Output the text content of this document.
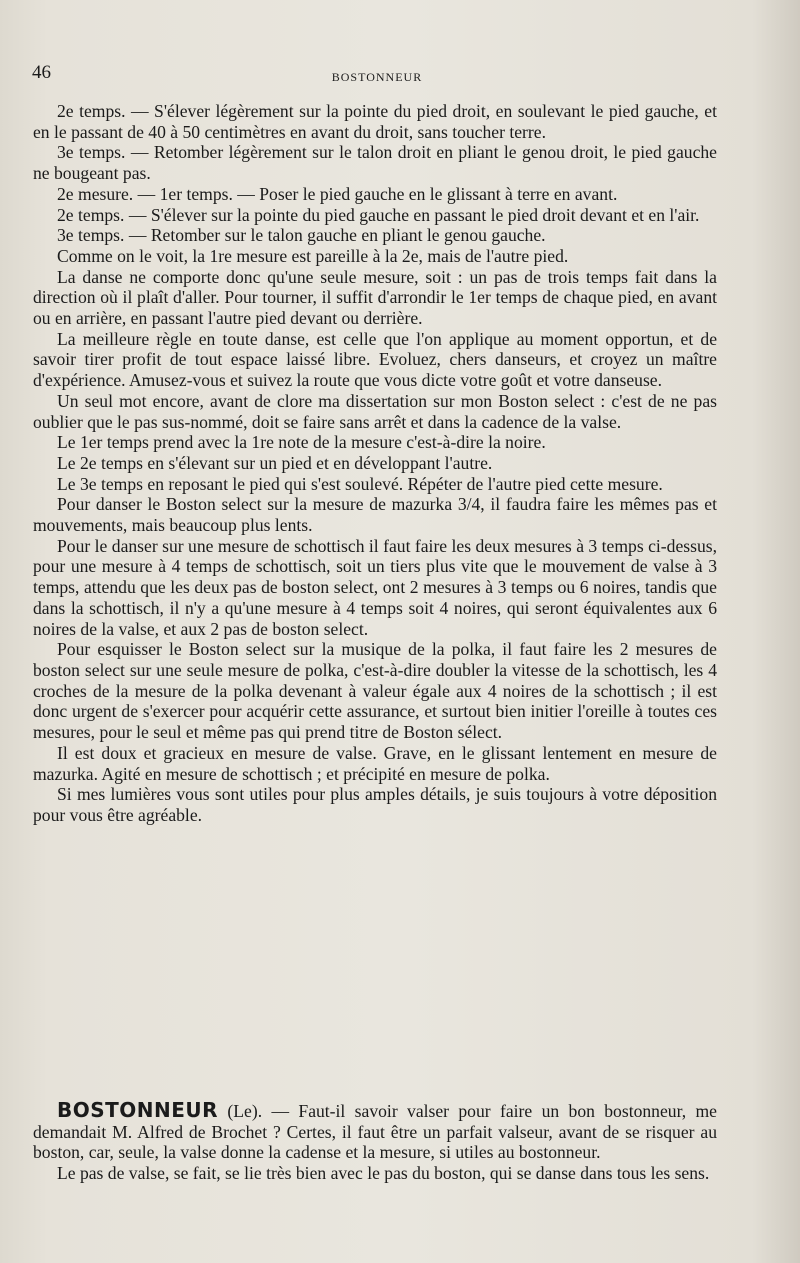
46	BOSTONNEUR

2e temps. — S'élever légèrement sur la pointe du pied droit, en soulevant le pied gauche, et en le passant de 40 à 50 centimètres en avant du droit, sans toucher terre.

3e temps. — Retomber légèrement sur le talon droit en pliant le genou droit, le pied gauche ne bougeant pas.

2e mesure. — 1er temps. — Poser le pied gauche en le glissant à terre en avant.

2e temps. — S'élever sur la pointe du pied gauche en passant le pied droit devant et en l'air.

3e temps. — Retomber sur le talon gauche en pliant le genou gauche.

Comme on le voit, la 1re mesure est pareille à la 2e, mais de l'autre pied.

La danse ne comporte donc qu'une seule mesure, soit : un pas de trois temps fait dans la direction où il plaît d'aller. Pour tourner, il suffit d'arrondir le 1er temps de chaque pied, en avant ou en arrière, en passant l'autre pied devant ou derrière.

La meilleure règle en toute danse, est celle que l'on applique au moment opportun, et de savoir tirer profit de tout espace laissé libre. Evoluez, chers danseurs, et croyez un maître d'expérience. Amusez-vous et suivez la route que vous dicte votre goût et votre danseuse.

Un seul mot encore, avant de clore ma dissertation sur mon Boston select : c'est de ne pas oublier que le pas sus-nommé, doit se faire sans arrêt et dans la cadence de la valse.

Le 1er temps prend avec la 1re note de la mesure c'est-à-dire la noire.

Le 2e temps en s'élevant sur un pied et en développant l'autre.

Le 3e temps en reposant le pied qui s'est soulevé. Répéter de l'autre pied cette mesure.

Pour danser le Boston select sur la mesure de mazurka 3/4, il faudra faire les mêmes pas et mouvements, mais beaucoup plus lents.

Pour le danser sur une mesure de schottisch il faut faire les deux mesures à 3 temps ci-dessus, pour une mesure à 4 temps de schottisch, soit un tiers plus vite que le mouvement de valse à 3 temps, attendu que les deux pas de boston select, ont 2 mesures à 3 temps ou 6 noires, tandis que dans la schottisch, il n'y a qu'une mesure à 4 temps soit 4 noires, qui seront équivalentes aux 6 noires de la valse, et aux 2 pas de boston select.

Pour esquisser le Boston select sur la musique de la polka, il faut faire les 2 mesures de boston select sur une seule mesure de polka, c'est-à-dire doubler la vitesse de la schottisch, les 4 croches de la mesure de la polka devenant à valeur égale aux 4 noires de la schottisch ; il est donc urgent de s'exercer pour acquérir cette assurance, et surtout bien initier l'oreille à toutes ces mesures, pour le seul et même pas qui prend titre de Boston sélect.

Il est doux et gracieux en mesure de valse. Grave, en le glissant lentement en mesure de mazurka. Agité en mesure de schottisch ; et précipité en mesure de polka.

Si mes lumières vous sont utiles pour plus amples détails, je suis toujours à votre déposition pour vous être agréable.

BOSTONNEUR (Le). — Faut-il savoir valser pour faire un bon bostonneur, me demandait M. Alfred de Brochet ? Certes, il faut être un parfait valseur, avant de se risquer au boston, car, seule, la valse donne la cadense et la mesure, si utiles au bostonneur.

Le pas de valse, se fait, se lie très bien avec le pas du boston, qui se danse dans tous les sens.
